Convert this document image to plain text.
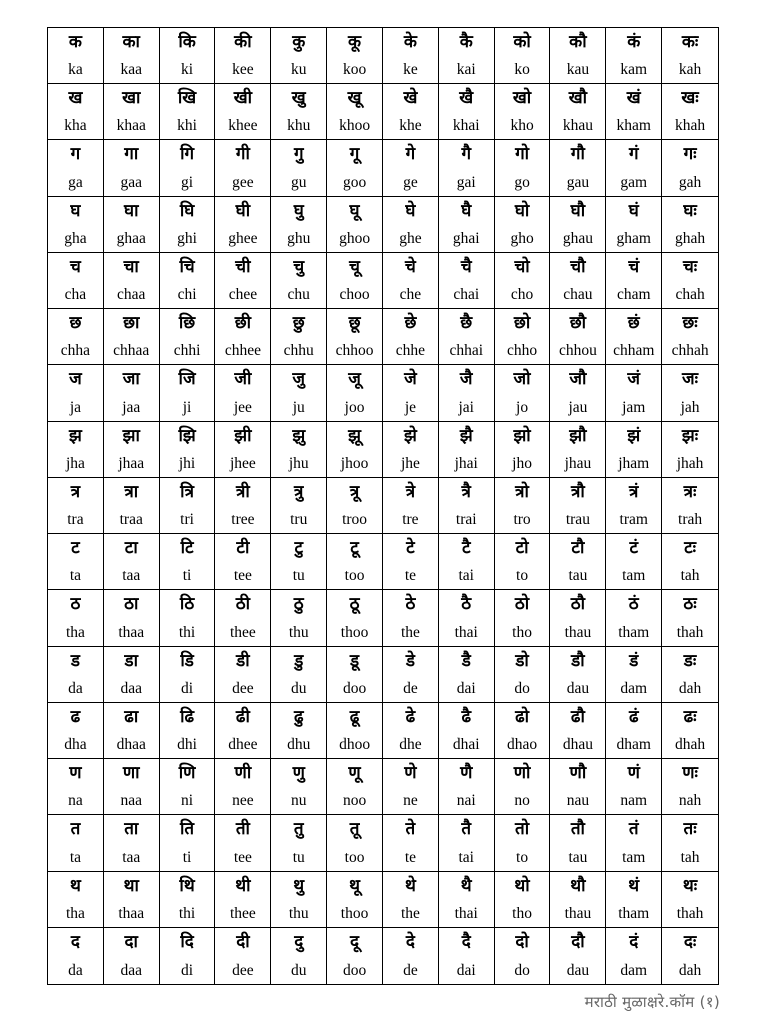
क
ka
का
kaa
कि
ki
की
kee
कु
ku
कू
koo
के
ke
कै
kai
को
ko
कौ
kau
कं
kam
कः
kah
ख
kha
खा
khaa
खि
khi
खी
khee
खु
khu
खू
khoo
खे
khe
खै
khai
खो
kho
खौ
khau
खं
kham
खः
khah
ग
ga
गा
gaa
गि
gi
गी
gee
गु
gu
गू
goo
गे
ge
गै
gai
गो
go
गौ
gau
गं
gam
गः
gah
घ
gha
घा
ghaa
घि
ghi
घी
ghee
घु
ghu
घू
ghoo
घे
ghe
घै
ghai
घो
gho
घौ
ghau
घं
gham
घः
ghah
च
cha
चा
chaa
चि
chi
ची
chee
चु
chu
चू
choo
चे
che
चै
chai
चो
cho
चौ
chau
चं
cham
चः
chah
छ
chha
छा
chhaa
छि
chhi
छी
chhee
छु
chhu
छू
chhoo
छे
chhe
छै
chhai
छो
chho
छौ
chhou
छं
chham
छः
chhah
ज
ja
जा
jaa
जि
ji
जी
jee
जु
ju
जू
joo
जे
je
जै
jai
जो
jo
जौ
jau
जं
jam
जः
jah
झ
jha
झा
jhaa
झि
jhi
झी
jhee
झु
jhu
झू
jhoo
झे
jhe
झै
jhai
झो
jho
झौ
jhau
झं
jham
झः
jhah
त्र
tra
त्रा
traa
त्रि
tri
त्री
tree
त्रु
tru
त्रू
troo
त्रे
tre
त्रै
trai
त्रो
tro
त्रौ
trau
त्रं
tram
त्रः
trah
ट
ta
टा
taa
टि
ti
टी
tee
टु
tu
टू
too
टे
te
टै
tai
टो
to
टौ
tau
टं
tam
टः
tah
ठ
tha
ठा
thaa
ठि
thi
ठी
thee
ठु
thu
ठू
thoo
ठे
the
ठै
thai
ठो
tho
ठौ
thau
ठं
tham
ठः
thah
ड
da
डा
daa
डि
di
डी
dee
डु
du
डू
doo
डे
de
डै
dai
डो
do
डौ
dau
डं
dam
डः
dah
ढ
dha
ढा
dhaa
ढि
dhi
ढी
dhee
ढु
dhu
ढू
dhoo
ढे
dhe
ढै
dhai
ढो
dhao
ढौ
dhau
ढं
dham
ढः
dhah
ण
na
णा
naa
णि
ni
णी
nee
णु
nu
णू
noo
णे
ne
णै
nai
णो
no
णौ
nau
णं
nam
णः
nah
त
ta
ता
taa
ति
ti
ती
tee
तु
tu
तू
too
ते
te
तै
tai
तो
to
तौ
tau
तं
tam
तः
tah
थ
tha
था
thaa
थि
thi
थी
thee
थु
thu
थू
thoo
थे
the
थै
thai
थो
tho
थौ
thau
थं
tham
थः
thah
द
da
दा
daa
दि
di
दी
dee
दु
du
दू
doo
दे
de
दै
dai
दो
do
दौ
dau
दं
dam
दः
dah
मराठी मुळाक्षरे.कॉम (१)
